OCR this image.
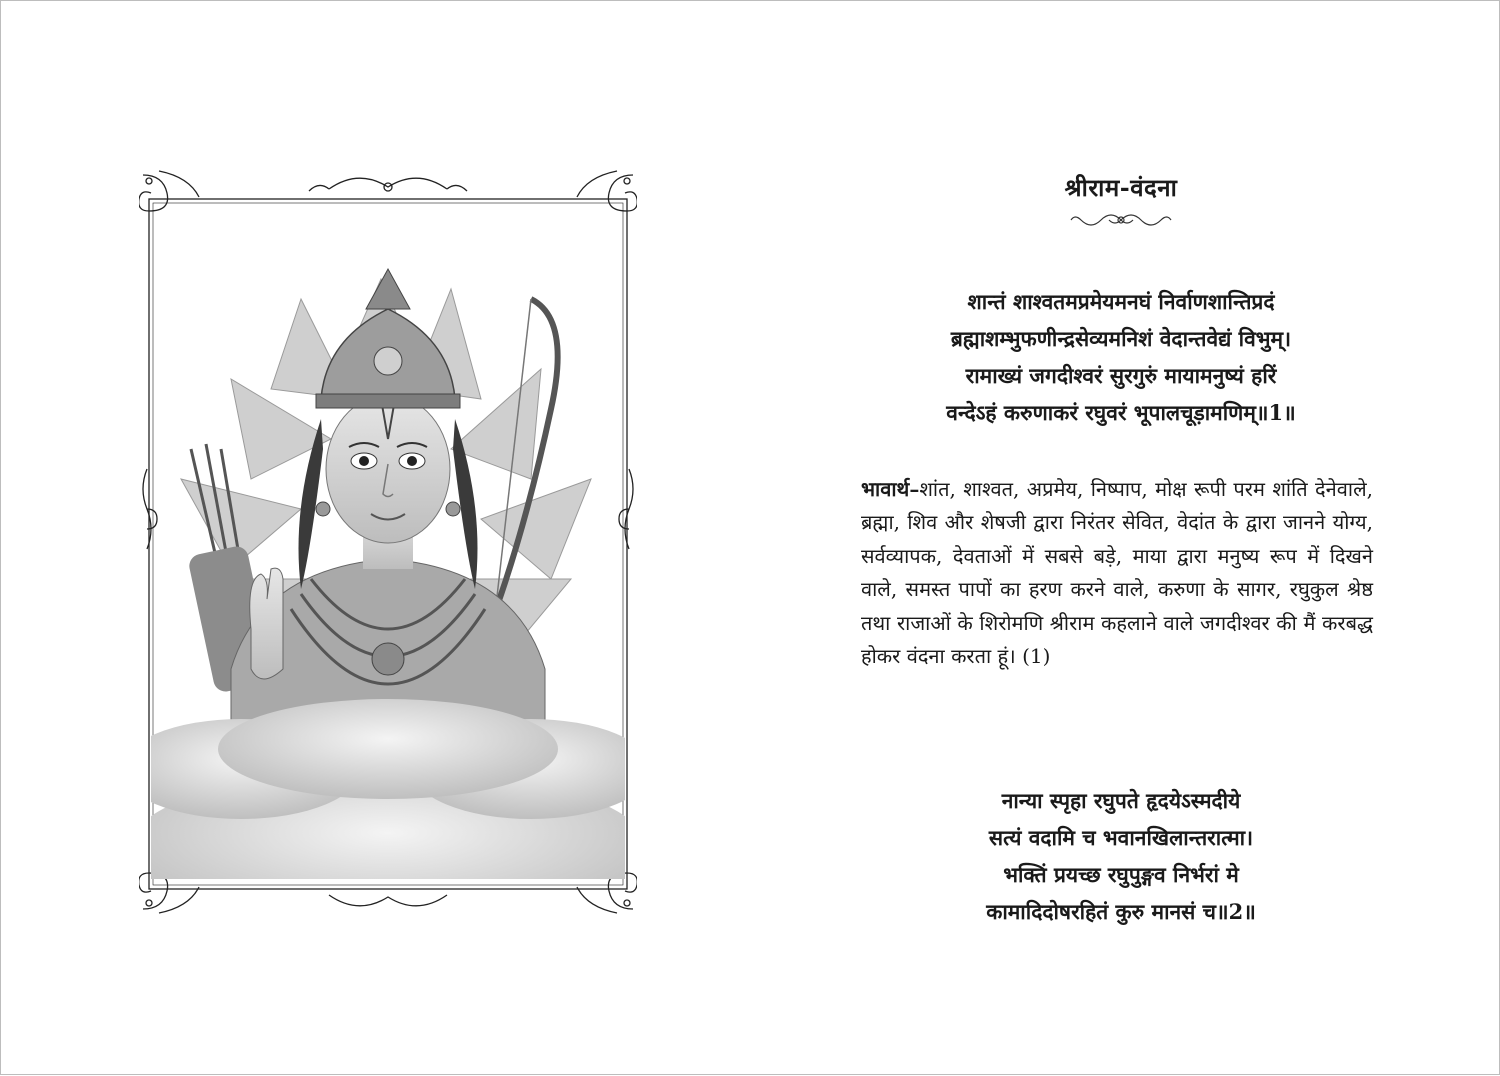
श्रीराम-वंदना
शान्तं शाश्वतमप्रमेयमनघं निर्वाणशान्तिप्रदं
ब्रह्माशम्भुफणीन्द्रसेव्यमनिशं वेदान्तवेद्यं विभुम्।
रामाख्यं जगदीश्वरं सुरगुरुं मायामनुष्यं हरिं
वन्देऽहं करुणाकरं रघुवरं भूपालचूड़ामणिम्॥1॥
भावार्थ–शांत, शाश्वत, अप्रमेय, निष्पाप, मोक्ष रूपी परम शांति देनेवाले, ब्रह्मा, शिव और शेषजी द्वारा निरंतर सेवित, वेदांत के द्वारा जानने योग्य, सर्वव्यापक, देवताओं में सबसे बड़े, माया द्वारा मनुष्य रूप में दिखने वाले, समस्त पापों का हरण करने वाले, करुणा के सागर, रघुकुल श्रेष्ठ तथा राजाओं के शिरोमणि श्रीराम कहलाने वाले जगदीश्वर की मैं करबद्ध होकर वंदना करता हूं। (1)
नान्या स्पृहा रघुपते हृदयेऽस्मदीये
सत्यं वदामि च भवानखिलान्तरात्मा।
भक्तिं प्रयच्छ रघुपुङ्गव निर्भरां मे
कामादिदोषरहितं कुरु मानसं च॥2॥
